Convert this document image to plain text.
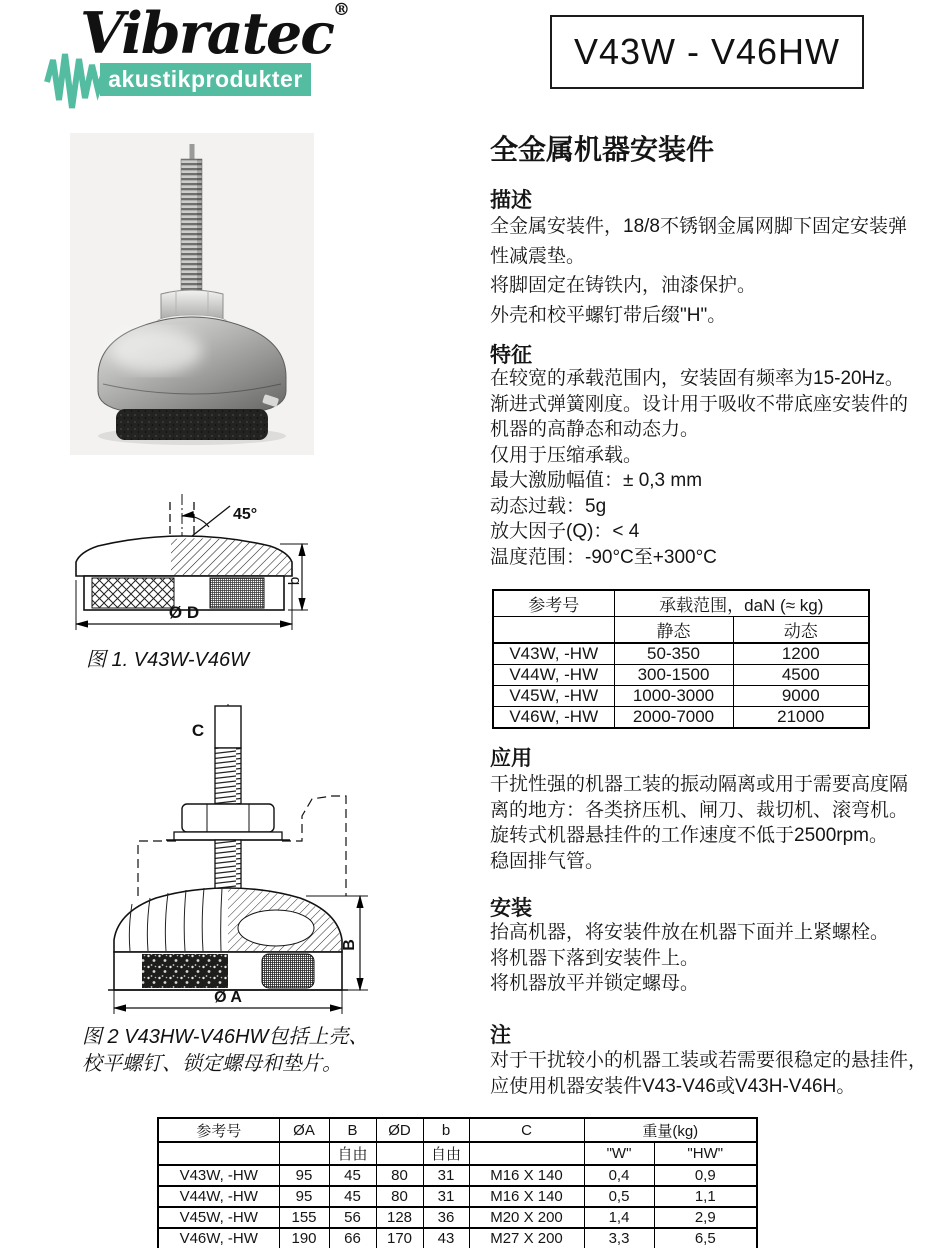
akustikprodukter
Vibratec®
V43W - V46HW
45°
b
Ø D
图 1. V43W-V46W
C
B
Ø A
图 2 V43HW-V46HW包括上壳、
校平螺钉、锁定螺母和垫片。
全金属机器安装件
描述
全金属安装件，18/8不锈钢金属网脚下固定安装弹
性减震垫。
将脚固定在铸铁内，油漆保护。
外壳和校平螺钉带后缀"H"。
特征
在较宽的承载范围内，安装固有频率为15-20Hz。
渐进式弹簧刚度。设计用于吸收不带底座安装件的
机器的高静态和动态力。
仅用于压缩承载。
最大激励幅值：± 0,3 mm
动态过载：5g
放大因子(Q)：< 4
温度范围：-90°C至+300°C
参考号	承载范围，daN (≈ kg)	
	静态	动态
V43W, -HW	50-350	1200
V44W, -HW	300-1500	4500
V45W, -HW	1000-3000	9000
V46W, -HW	2000-7000	21000
应用
干扰性强的机器工装的振动隔离或用于需要高度隔
离的地方：各类挤压机、闸刀、裁切机、滚弯机。
旋转式机器悬挂件的工作速度不低于2500rpm。
稳固排气管。
安装
抬高机器，将安装件放在机器下面并上紧螺栓。
将机器下落到安装件上。
将机器放平并锁定螺母。
注
对于干扰较小的机器工装或若需要很稳定的悬挂件，
应使用机器安装件V43-V46或V43H-V46H。
参考号	ØA	B	ØD	b	C	重量(kg)	
		自由		自由		"W"	"HW"
V43W, -HW	95	45	80	31	M16 X 140	0,4	0,9
V44W, -HW	95	45	80	31	M16 X 140	0,5	1,1
V45W, -HW	155	56	128	36	M20 X 200	1,4	2,9
V46W, -HW	190	66	170	43	M27 X 200	3,3	6,5
